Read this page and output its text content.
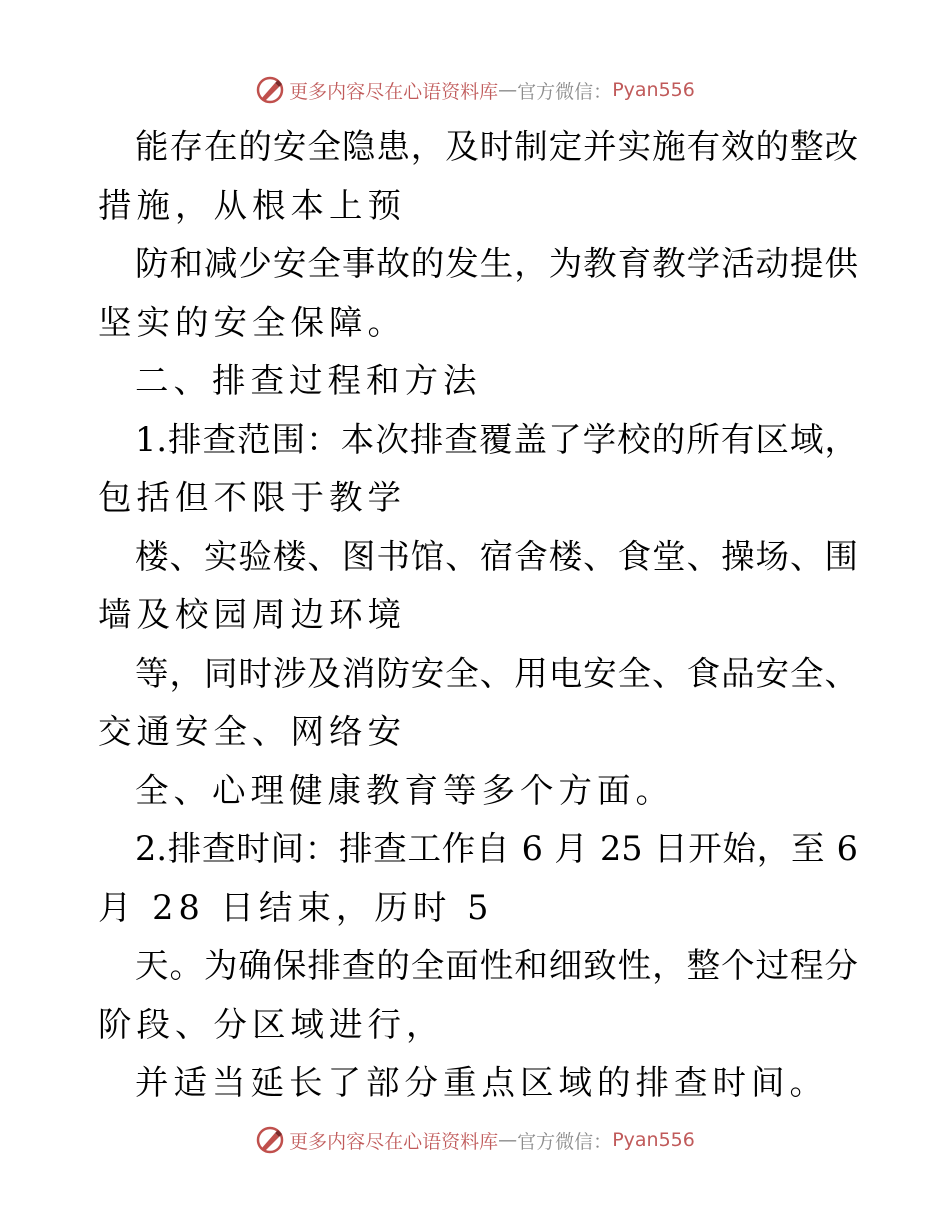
更多内容尽在心语资料库 — 官方微信： Pyan556
能存在的安全隐患，及时制定并实施有效的整改
措施，从根本上预
防和减少安全事故的发生，为教育教学活动提供
坚实的安全保障。
二、排查过程和方法
1.排查范围：本次排查覆盖了学校的所有区域，
包括但不限于教学
楼、实验楼、图书馆、宿舍楼、食堂、操场、围
墙及校园周边环境
等，同时涉及消防安全、用电安全、食品安全、
交通安全、网络安
全、心理健康教育等多个方面。
2.排查时间：排查工作自 6 月 25 日开始，至 6
月 28 日结束，历时 5
天。为确保排查的全面性和细致性，整个过程分
阶段、分区域进行，
并适当延长了部分重点区域的排查时间。
更多内容尽在心语资料库 — 官方微信： Pyan556
